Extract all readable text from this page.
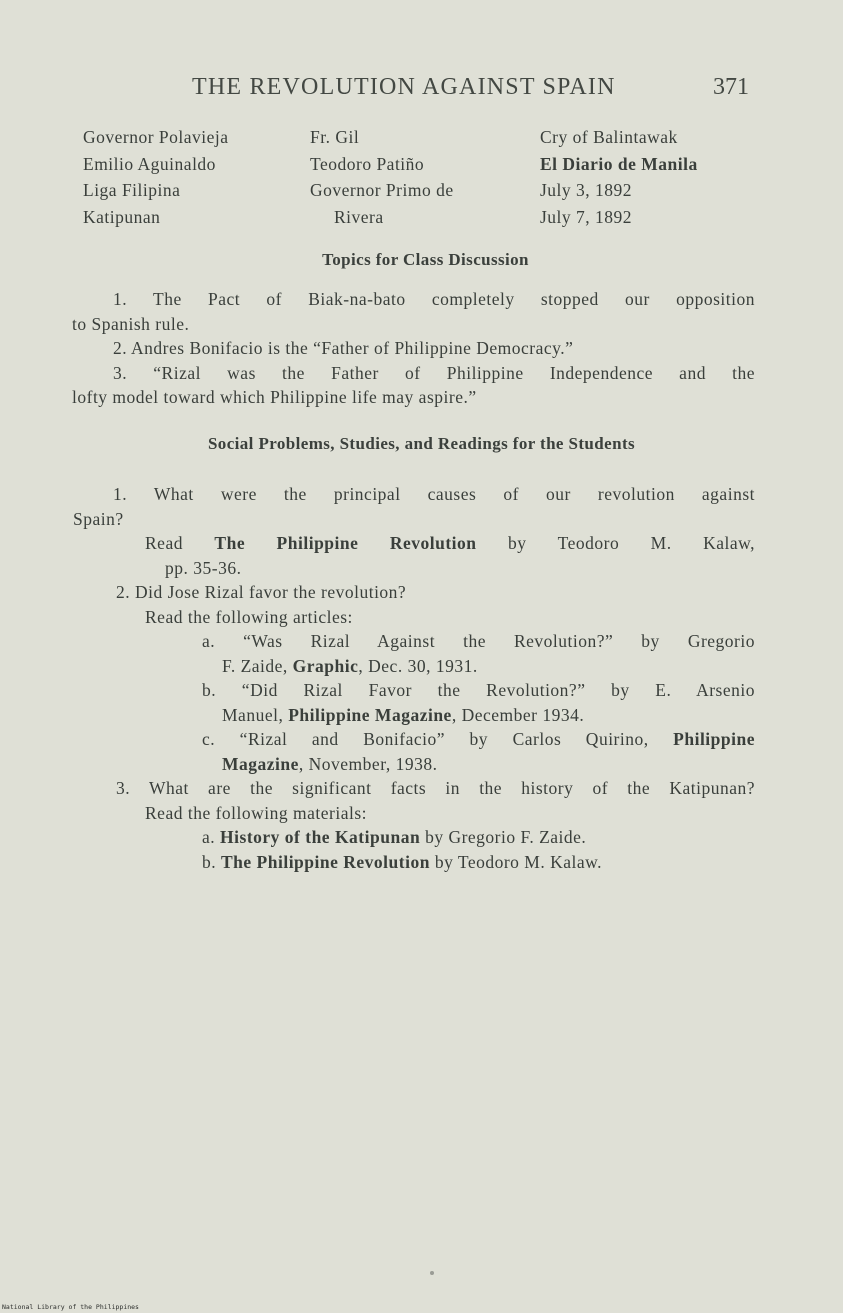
THE REVOLUTION AGAINST SPAIN	371
Governor Polavieja
Emilio Aguinaldo
Liga Filipina
Katipunan
Fr. Gil
Teodoro Patiño
Governor Primo de
Rivera
Cry of Balintawak
El Diario de Manila
July 3, 1892
July 7, 1892
Topics for Class Discussion
1. The Pact of Biak-na-bato completely stopped our opposition
to Spanish rule.
2. Andres Bonifacio is the “Father of Philippine Democracy.”
3. “Rizal was the Father of Philippine Independence and the
lofty model toward which Philippine life may aspire.”
Social Problems, Studies, and Readings for the Students
1. What were the principal causes of our revolution against
Spain?
Read The Philippine Revolution by Teodoro M. Kalaw,
pp. 35-36.
2. Did Jose Rizal favor the revolution?
Read the following articles:
a. “Was Rizal Against the Revolution?” by Gregorio
F. Zaide, Graphic, Dec. 30, 1931.
b. “Did Rizal Favor the Revolution?” by E. Arsenio
Manuel, Philippine Magazine, December 1934.
c. “Rizal and Bonifacio” by Carlos Quirino, Philippine
Magazine, November, 1938.
3. What are the significant facts in the history of the Katipunan?
Read the following materials:
a. History of the Katipunan by Gregorio F. Zaide.
b. The Philippine Revolution by Teodoro M. Kalaw.
National Library of the Philippines
